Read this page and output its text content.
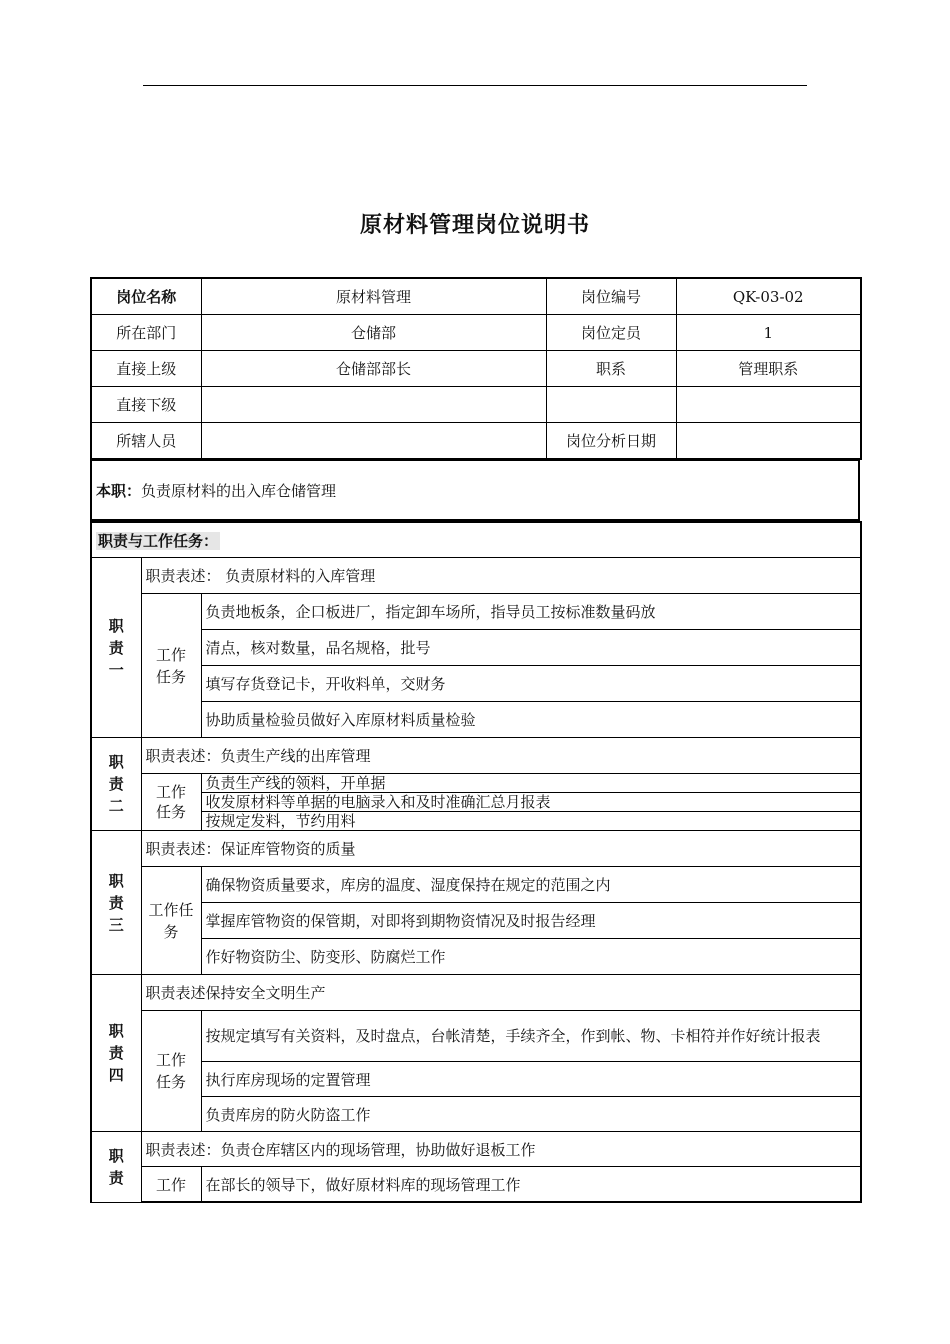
原材料管理岗位说明书
岗位名称	原材料管理	岗位编号	QK-03-02
所在部门	仓储部	岗位定员	1
直接上级	仓储部部长	职系	管理职系
直接下级			
所辖人员		岗位分析日期	
本职：负责原材料的出入库仓储管理
职责与工作任务：		
职责一	职责表述： 负责原材料的入库管理	
	工作任务	负责地板条，企口板进厂，指定卸车场所，指导员工按标准数量码放
		清点，核对数量，品名规格，批号
		填写存货登记卡，开收料单，交财务
		协助质量检验员做好入库原材料质量检验
职责二	职责表述：负责生产线的出库管理	
	工作任务	负责生产线的领料，开单据
		收发原材料等单据的电脑录入和及时准确汇总月报表
		按规定发料，节约用料
职责三	职责表述：保证库管物资的质量	
	工作任务	确保物资质量要求，库房的温度、湿度保持在规定的范围之内
		掌握库管物资的保管期，对即将到期物资情况及时报告经理
		作好物资防尘、防变形、防腐烂工作
职责四	职责表述保持安全文明生产	
	工作任务	按规定填写有关资料，及时盘点，台帐清楚，手续齐全，作到帐、物、卡相符并作好统计报表
		执行库房现场的定置管理
		负责库房的防火防盗工作
职责	职责表述：负责仓库辖区内的现场管理，协助做好退板工作	
	工作	在部长的领导下，做好原材料库的现场管理工作
